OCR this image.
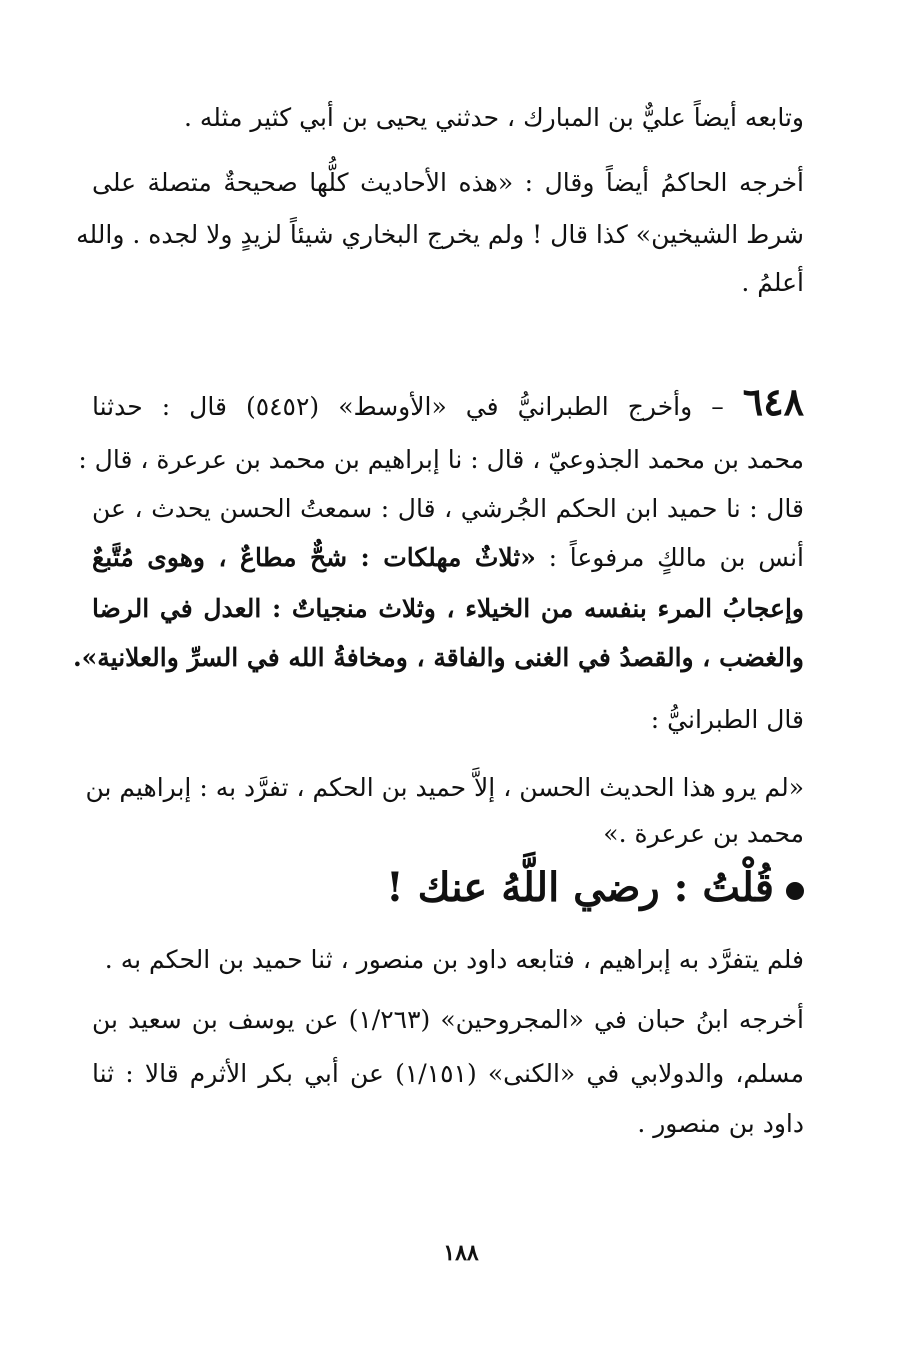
وتابعه أيضاً عليٌّ بن المبارك ، حدثني يحيى بن أبي كثير مثله .
أخرجه الحاكمُ أيضاً وقال : «هذه الأحاديث كلُّها صحيحةٌ متصلة على
شرط الشيخين» كذا قال ! ولم يخرج البخاري شيئاً لزيدٍ ولا لجده . والله
أعلمُ .
٦٤٨ – وأخرج الطبرانيُّ في «الأوسط» (٥٤٥٢) قال : حدثنا
محمد بن محمد الجذوعيّ ، قال : نا إبراهيم بن محمد بن عرعرة ، قال :
قال : نا حميد ابن الحكم الجُرشي ، قال : سمعتُ الحسن يحدث ، عن
أنس بن مالكٍ مرفوعاً : «ثلاثٌ مهلكات : شحٌّ مطاعٌ ، وهوى مُتَّبعٌ
وإعجابُ المرء بنفسه من الخيلاء ، وثلاث منجياتٌ : العدل في الرضا
والغضب ، والقصدُ في الغنى والفاقة ، ومخافةُ الله في السرِّ والعلانية».
قال الطبرانيُّ :
«لم يرو هذا الحديث الحسن ، إلاَّ حميد بن الحكم ، تفرَّد به : إبراهيم بن
محمد بن عرعرة .»
قُلْتُ : رضي اللَّهُ عنك !
فلم يتفرَّد به إبراهيم ، فتابعه داود بن منصور ، ثنا حميد بن الحكم به .
أخرجه ابنُ حبان في «المجروحين» (١/٢٦٣) عن يوسف بن سعيد بن
مسلم، والدولابي في «الكنى» (١/١٥١) عن أبي بكر الأثرم قالا : ثنا
داود بن منصور .
١٨٨
